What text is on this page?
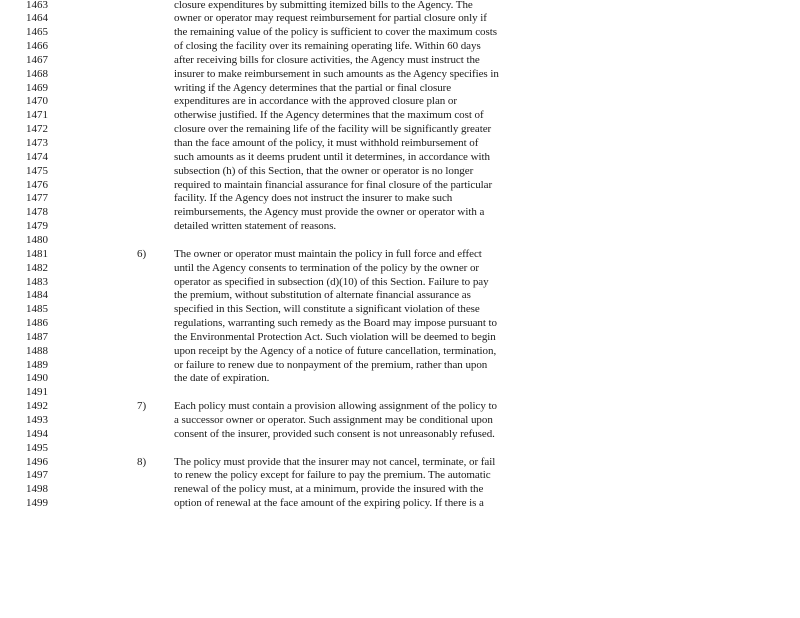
1463	closure expenditures by submitting itemized bills to the Agency. The
1464	owner or operator may request reimbursement for partial closure only if
1465	the remaining value of the policy is sufficient to cover the maximum costs
1466	of closing the facility over its remaining operating life. Within 60 days
1467	after receiving bills for closure activities, the Agency must instruct the
1468	insurer to make reimbursement in such amounts as the Agency specifies in
1469	writing if the Agency determines that the partial or final closure
1470	expenditures are in accordance with the approved closure plan or
1471	otherwise justified. If the Agency determines that the maximum cost of
1472	closure over the remaining life of the facility will be significantly greater
1473	than the face amount of the policy, it must withhold reimbursement of
1474	such amounts as it deems prudent until it determines, in accordance with
1475	subsection (h) of this Section, that the owner or operator is no longer
1476	required to maintain financial assurance for final closure of the particular
1477	facility. If the Agency does not instruct the insurer to make such
1478	reimbursements, the Agency must provide the owner or operator with a
1479	detailed written statement of reasons.
1480
1481	6)	The owner or operator must maintain the policy in full force and effect
1482	until the Agency consents to termination of the policy by the owner or
1483	operator as specified in subsection (d)(10) of this Section. Failure to pay
1484	the premium, without substitution of alternate financial assurance as
1485	specified in this Section, will constitute a significant violation of these
1486	regulations, warranting such remedy as the Board may impose pursuant to
1487	the Environmental Protection Act. Such violation will be deemed to begin
1488	upon receipt by the Agency of a notice of future cancellation, termination,
1489	or failure to renew due to nonpayment of the premium, rather than upon
1490	the date of expiration.
1491
1492	7)	Each policy must contain a provision allowing assignment of the policy to
1493	a successor owner or operator. Such assignment may be conditional upon
1494	consent of the insurer, provided such consent is not unreasonably refused.
1495
1496	8)	The policy must provide that the insurer may not cancel, terminate, or fail
1497	to renew the policy except for failure to pay the premium. The automatic
1498	renewal of the policy must, at a minimum, provide the insured with the
1499	option of renewal at the face amount of the expiring policy. If there is a
